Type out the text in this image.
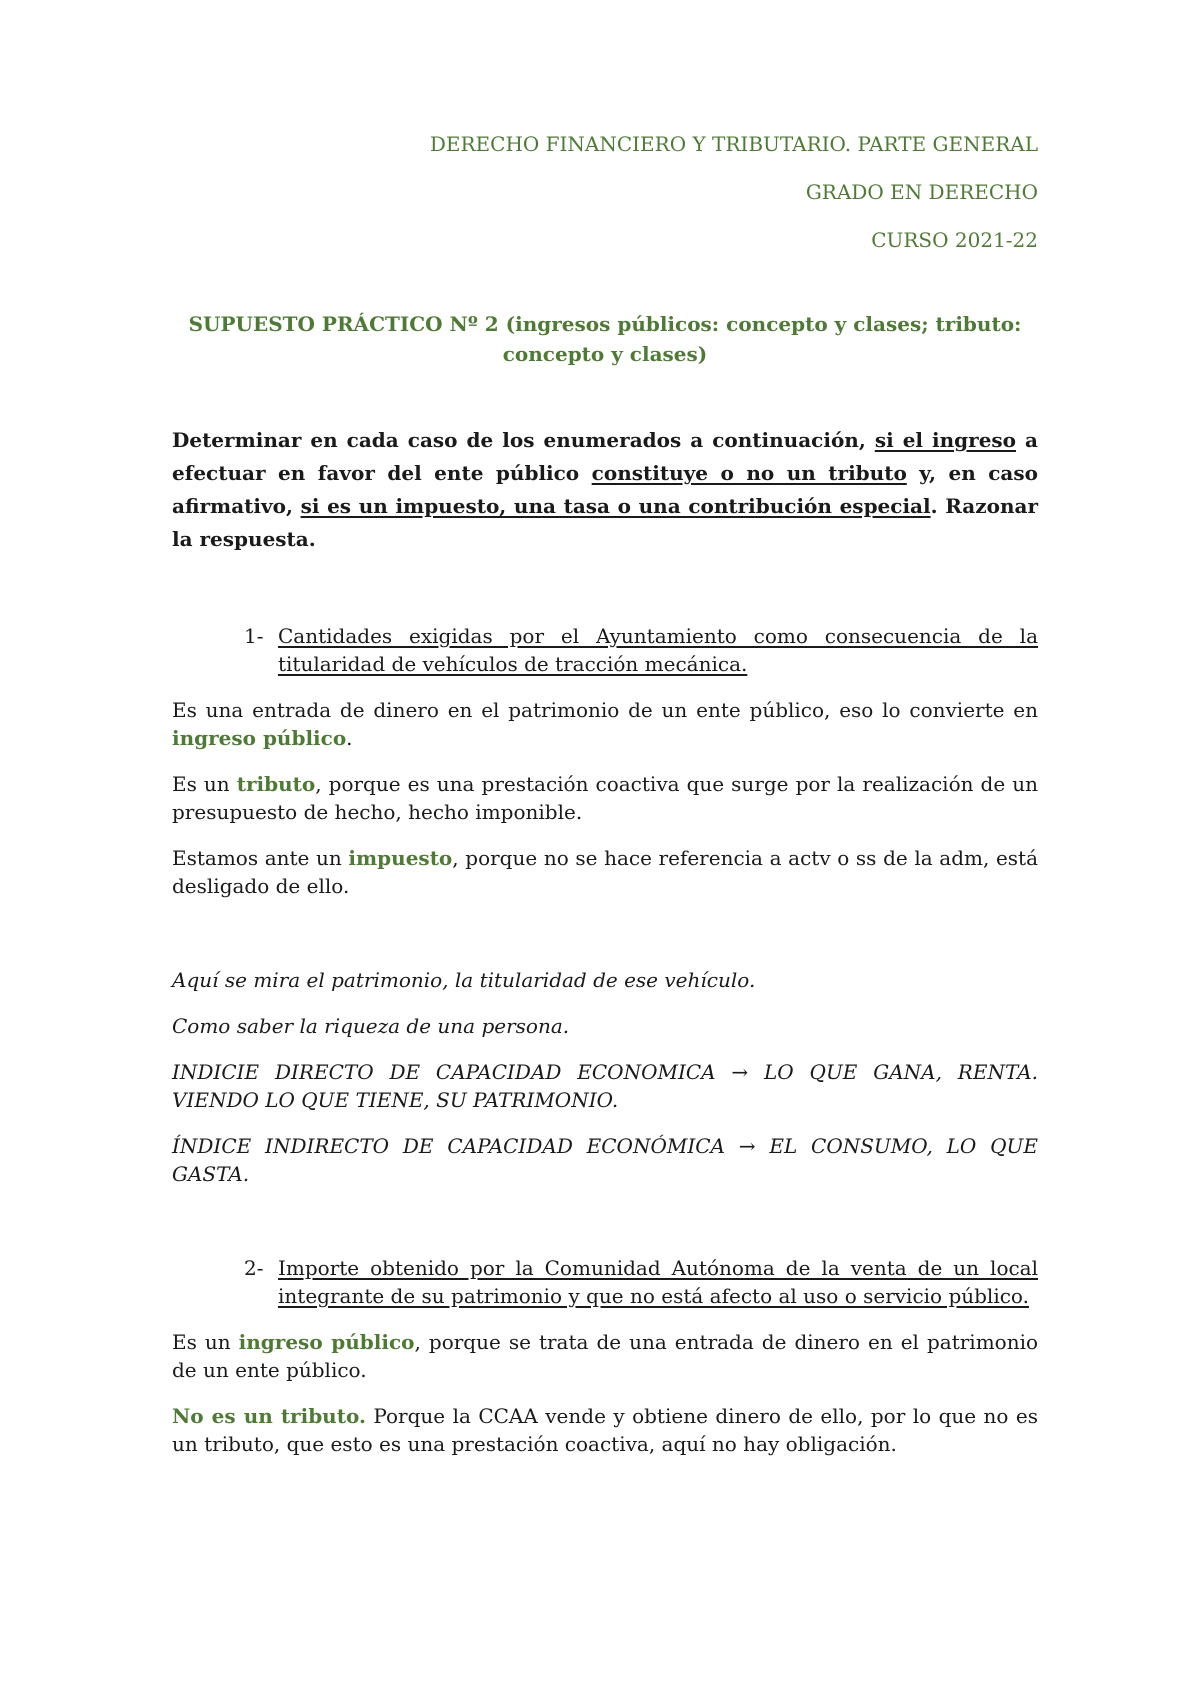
DERECHO FINANCIERO Y TRIBUTARIO. PARTE GENERAL

GRADO EN DERECHO

CURSO 2021-22

SUPUESTO PRÁCTICO Nº 2 (ingresos públicos: concepto y clases; tributo: concepto y clases)

Determinar en cada caso de los enumerados a continuación, si el ingreso a efectuar en favor del ente público constituye o no un tributo y, en caso afirmativo, si es un impuesto, una tasa o una contribución especial. Razonar la respuesta.

1- Cantidades exigidas por el Ayuntamiento como consecuencia de la titularidad de vehículos de tracción mecánica.

Es una entrada de dinero en el patrimonio de un ente público, eso lo convierte en ingreso público.

Es un tributo, porque es una prestación coactiva que surge por la realización de un presupuesto de hecho, hecho imponible.

Estamos ante un impuesto, porque no se hace referencia a actv o ss de la adm, está desligado de ello.

Aquí se mira el patrimonio, la titularidad de ese vehículo.

Como saber la riqueza de una persona.

INDICIE DIRECTO DE CAPACIDAD ECONOMICA → LO QUE GANA, RENTA. VIENDO LO QUE TIENE, SU PATRIMONIO.

ÍNDICE INDIRECTO DE CAPACIDAD ECONÓMICA → EL CONSUMO, LO QUE GASTA.

2- Importe obtenido por la Comunidad Autónoma de la venta de un local integrante de su patrimonio y que no está afecto al uso o servicio público.

Es un ingreso público, porque se trata de una entrada de dinero en el patrimonio de un ente público.

No es un tributo. Porque la CCAA vende y obtiene dinero de ello, por lo que no es un tributo, que esto es una prestación coactiva, aquí no hay obligación.
